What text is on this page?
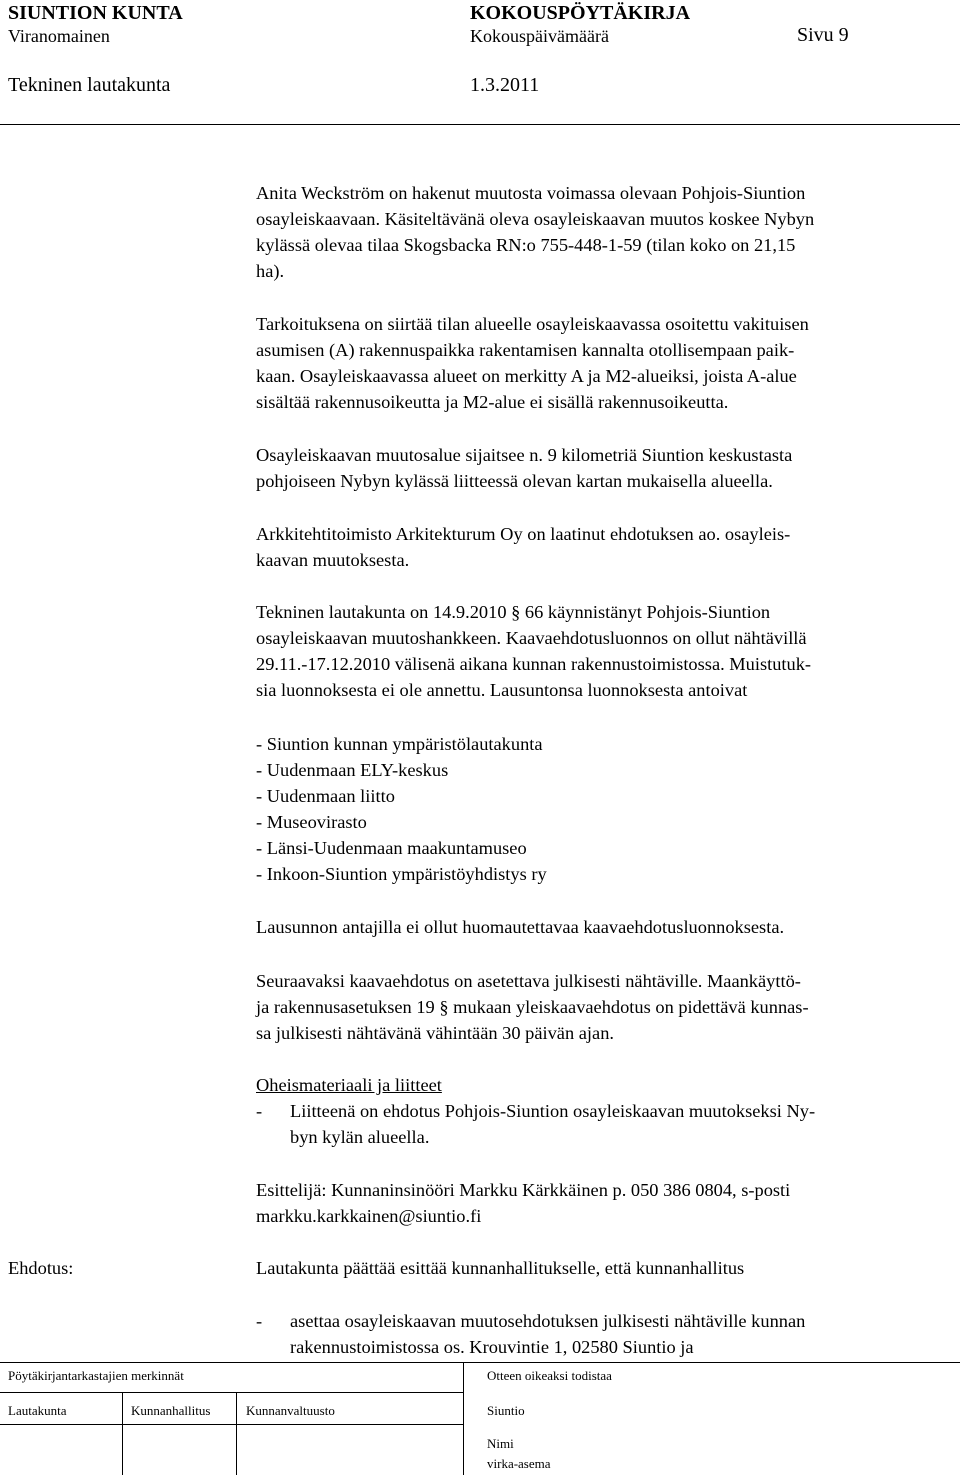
SIUNTION KUNTA	KOKOUSPÖYTÄKIRJA
Viranomainen	Kokouspäivämäärä	Sivu 9
Tekninen lautakunta	1.3.2011
Anita Weckström on hakenut muutosta voimassa olevaan Pohjois-Siuntion
osayleiskaavaan. Käsiteltävänä oleva osayleiskaavan muutos koskee Nybyn
kylässä olevaa tilaa Skogsbacka RN:o 755-448-1-59 (tilan koko on 21,15
ha).
Tarkoituksena on siirtää tilan alueelle osayleiskaavassa osoitettu vakituisen
asumisen (A) rakennuspaikka rakentamisen kannalta otollisempaan paik-
kaan. Osayleiskaavassa alueet on merkitty A ja M2-alueiksi, joista A-alue
sisältää rakennusoikeutta ja M2-alue ei sisällä rakennusoikeutta.
Osayleiskaavan muutosalue sijaitsee n. 9 kilometriä Siuntion keskustasta
pohjoiseen Nybyn kylässä liitteessä olevan kartan mukaisella alueella.
Arkkitehtitoimisto Arkitekturum Oy on laatinut ehdotuksen ao. osayleis-
kaavan muutoksesta.
Tekninen lautakunta on 14.9.2010 § 66 käynnistänyt Pohjois-Siuntion
osayleiskaavan muutoshankkeen. Kaavaehdotusluonnos on ollut nähtävillä
29.11.-17.12.2010 välisenä aikana kunnan rakennustoimistossa. Muistutuk-
sia luonnoksesta ei ole annettu. Lausuntonsa luonnoksesta antoivat
- Siuntion kunnan ympäristölautakunta
- Uudenmaan ELY-keskus
- Uudenmaan liitto
- Museovirasto
- Länsi-Uudenmaan maakuntamuseo
- Inkoon-Siuntion ympäristöyhdistys ry
Lausunnon antajilla ei ollut huomautettavaa kaavaehdotusluonnoksesta.
Seuraavaksi kaavaehdotus on asetettava julkisesti nähtäville. Maankäyttö-
ja rakennusasetuksen 19 § mukaan yleiskaavaehdotus on pidettävä kunnas-
sa julkisesti nähtävänä vähintään 30 päivän ajan.
Oheismateriaali ja liitteet
- Liitteenä on ehdotus Pohjois-Siuntion osayleiskaavan muutokseksi Ny-
byn kylän alueella.
Esittelijä: Kunnaninsinööri Markku Kärkkäinen p. 050 386 0804, s-posti
markku.karkkainen@siuntio.fi
Ehdotus:	Lautakunta päättää esittää kunnanhallitukselle, että kunnanhallitus
- asettaa osayleiskaavan muutosehdotuksen julkisesti nähtäville kunnan
rakennustoimistossa os. Krouvintie 1, 02580 Siuntio ja
Pöytäkirjantarkastajien merkinnät	Otteen oikeaksi todistaa
Lautakunta	Kunnanhallitus	Kunnanvaltuusto	Siuntio
Nimi
virka-asema
